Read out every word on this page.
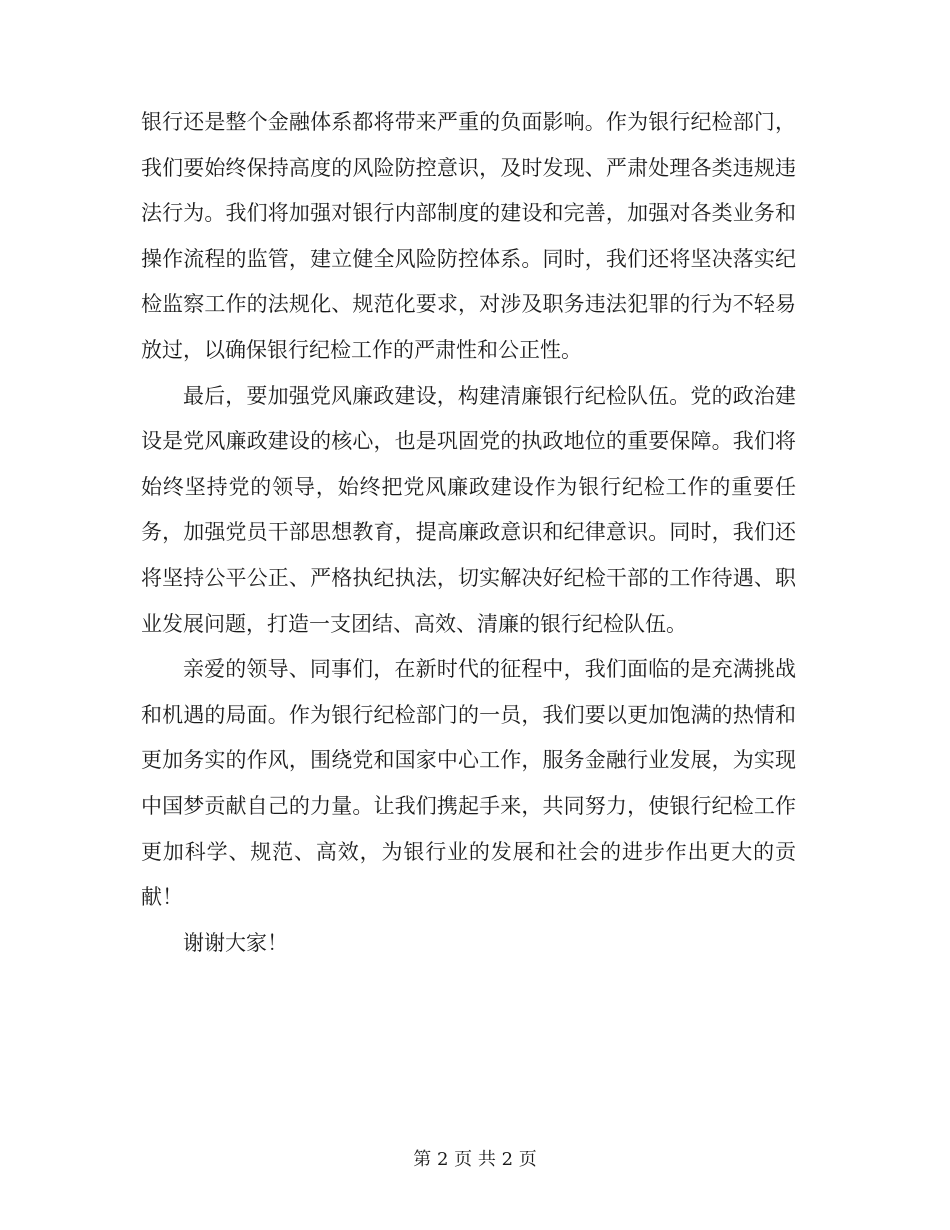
银行还是整个金融体系都将带来严重的负面影响。作为银行纪检部门，我们要始终保持高度的风险防控意识，及时发现、严肃处理各类违规违法行为。我们将加强对银行内部制度的建设和完善，加强对各类业务和操作流程的监管，建立健全风险防控体系。同时，我们还将坚决落实纪检监察工作的法规化、规范化要求，对涉及职务违法犯罪的行为不轻易放过，以确保银行纪检工作的严肃性和公正性。

最后，要加强党风廉政建设，构建清廉银行纪检队伍。党的政治建设是党风廉政建设的核心，也是巩固党的执政地位的重要保障。我们将始终坚持党的领导，始终把党风廉政建设作为银行纪检工作的重要任务，加强党员干部思想教育，提高廉政意识和纪律意识。同时，我们还将坚持公平公正、严格执纪执法，切实解决好纪检干部的工作待遇、职业发展问题，打造一支团结、高效、清廉的银行纪检队伍。

亲爱的领导、同事们，在新时代的征程中，我们面临的是充满挑战和机遇的局面。作为银行纪检部门的一员，我们要以更加饱满的热情和更加务实的作风，围绕党和国家中心工作，服务金融行业发展，为实现中国梦贡献自己的力量。让我们携起手来，共同努力，使银行纪检工作更加科学、规范、高效，为银行业的发展和社会的进步作出更大的贡献！

谢谢大家！

第 2 页 共 2 页
